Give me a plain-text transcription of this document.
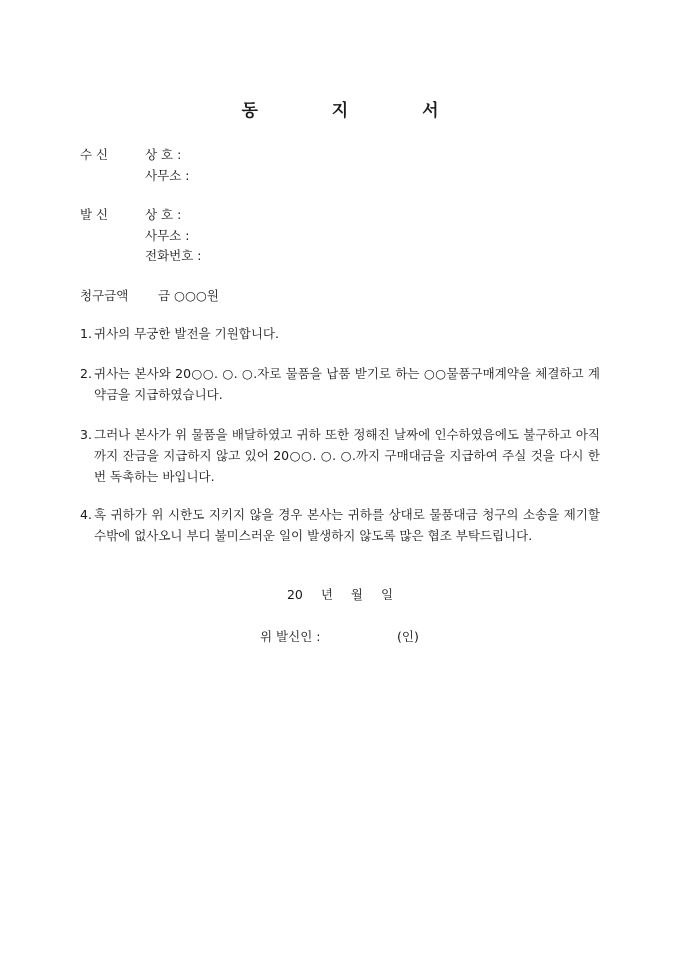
동 지 서
수 신	상 호 :
사무소 :
발 신	상 호 :
사무소 :
전화번호 :
청구금액 금 ○○○원
1. 귀사의 무궁한 발전을 기원합니다.
2. 귀사는 본사와 20○○. ○. ○.자로 물품을 납품 받기로 하는 ○○물품구매계약을 체결하고 계약금을 지급하였습니다.
3. 그러나 본사가 위 물품을 배달하였고 귀하 또한 정해진 날짜에 인수하였음에도 불구하고 아직까지 잔금을 지급하지 않고 있어 20○○. ○. ○.까지 구매대금을 지급하여 주실 것을 다시 한 번 독촉하는 바입니다.
4. 혹 귀하가 위 시한도 지키지 않을 경우 본사는 귀하를 상대로 물품대금 청구의 소송을 제기할 수밖에 없사오니 부디 불미스러운 일이 발생하지 않도록 많은 협조 부탁드립니다.
20 년 월 일
위 발신인 :	(인)
